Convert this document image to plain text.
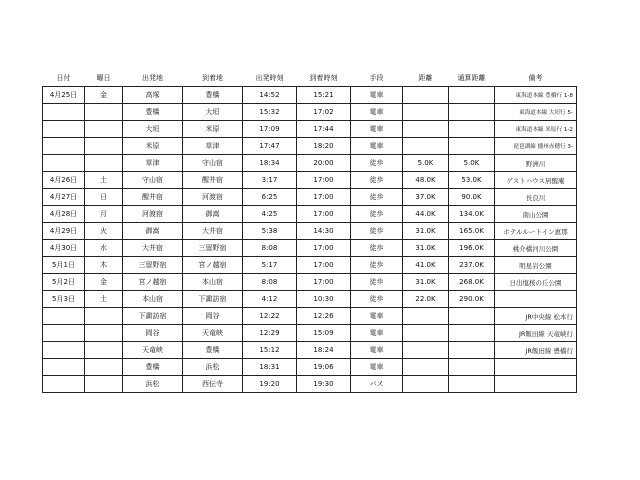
日付	曜日	出発地	到着地	出発時刻	到着時刻	手段	距離	通算距離	備考
4月25日	金	高塚	豊橋	14:52	15:21	電車			東海道本線 豊橋行 1-8
		豊橋	大垣	15:32	17:02	電車			東海道本線 大垣行 5-
		大垣	米原	17:09	17:44	電車			東海道本線 米原行 1-2
		米原	草津	17:47	18:20	電車			琵琶湖線 播州赤穂行 3-
		草津	守山宿	18:34	20:00	徒歩	5.0K	5.0K	野洲川
4月26日	土	守山宿	醒井宿	3:17	17:00	徒歩	48.0K	53.0K	ゲストハウス居醒庵
4月27日	日	醒井宿	河渡宿	6:25	17:00	徒歩	37.0K	90.0K	長良川
4月28日	月	河渡宿	御嵩	4:25	17:00	徒歩	44.0K	134.0K	南山公園
4月29日	火	御嵩	大井宿	5:38	14:30	徒歩	31.0K	165.0K	ホテルルートイン恵那
4月30日	水	大井宿	三留野宿	8:08	17:00	徒歩	31.0K	196.0K	桃介橋河川公園
5月1日	木	三留野宿	宮ノ越宿	5:17	17:00	徒歩	41.0K	237.0K	明星岩公園
5月2日	金	宮ノ越宿	本山宿	8:08	17:00	徒歩	31.0K	268.0K	日出塩桜の丘公園
5月3日	土	本山宿	下諏訪宿	4:12	10:30	徒歩	22.0K	290.0K	
		下諏訪宿	岡谷	12:22	12:26	電車			JR中央線 松本行
		岡谷	天竜峡	12:29	15:09	電車			JR飯田線 天竜峡行
		天竜峡	豊橋	15:12	18:24	電車			JR飯田線 豊橋行
		豊橋	浜松	18:31	19:06	電車			
		浜松	西伝寺	19:20	19:30	バス			
